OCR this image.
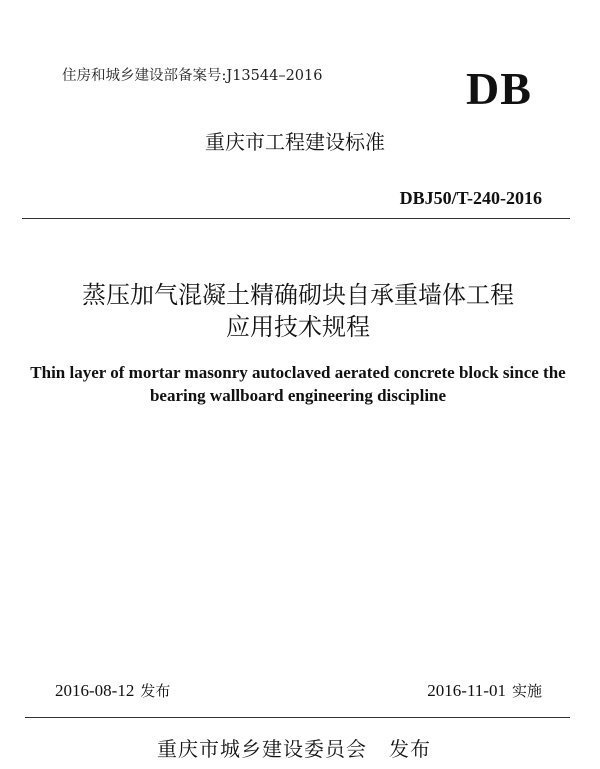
住房和城乡建设部备案号:J13544–2016	DB
重庆市工程建设标准
DBJ50/T-240-2016
蒸压加气混凝土精确砌块自承重墙体工程
应用技术规程
Thin layer of mortar masonry autoclaved aerated concrete block since the
bearing wallboard engineering discipline
2016-08-12 发布	2016-11-01 实施
重庆市城乡建设委员会 发布
